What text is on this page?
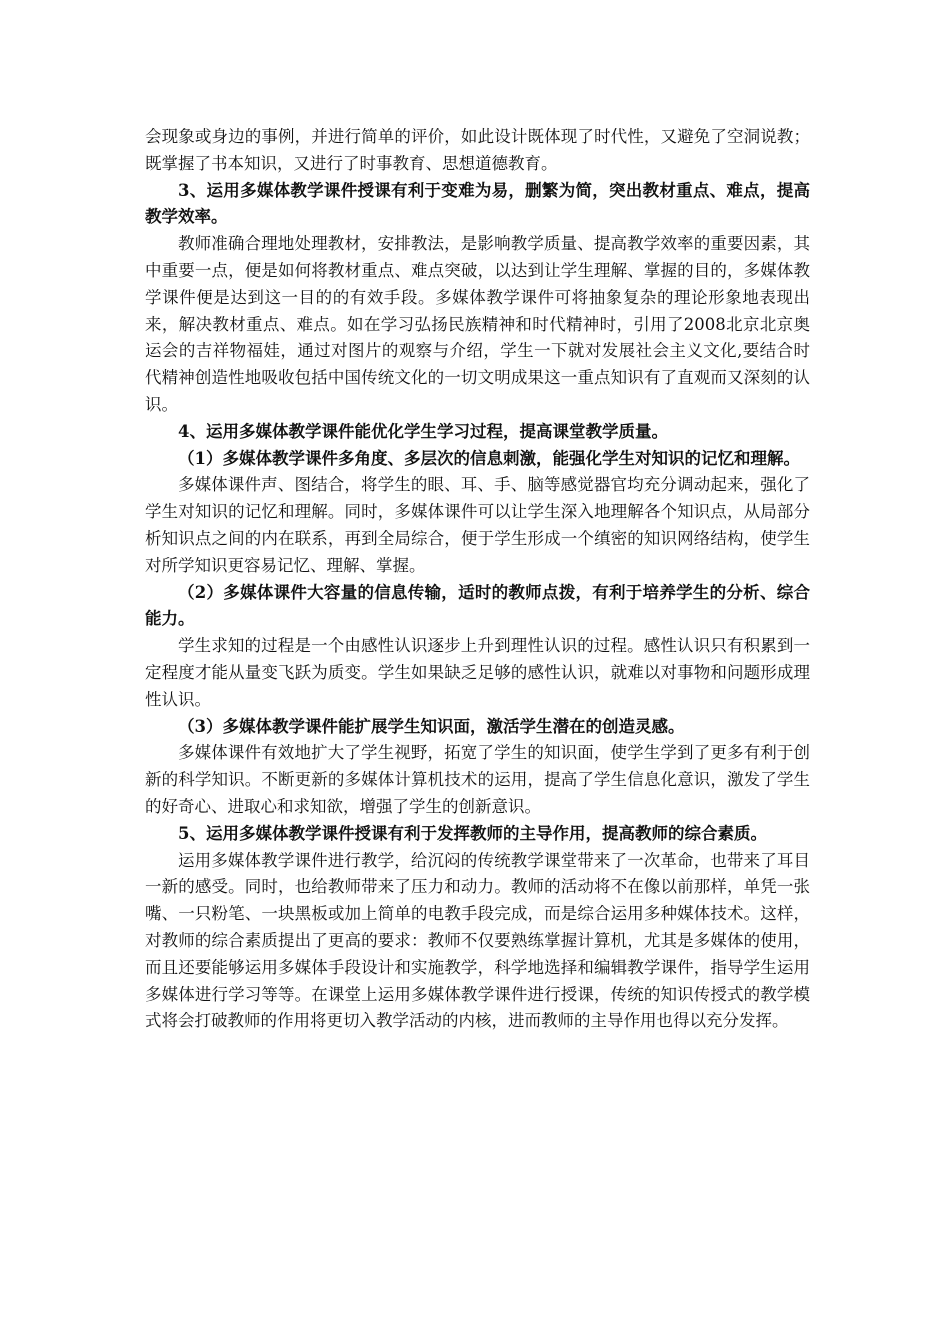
会现象或身边的事例，并进行简单的评价，如此设计既体现了时代性，又避免了空洞说教；既掌握了书本知识，又进行了时事教育、思想道德教育。

3、运用多媒体教学课件授课有利于变难为易，删繁为简，突出教材重点、难点，提高教学效率。

教师准确合理地处理教材，安排教法，是影响教学质量、提高教学效率的重要因素，其中重要一点，便是如何将教材重点、难点突破，以达到让学生理解、掌握的目的，多媒体教学课件便是达到这一目的的有效手段。多媒体教学课件可将抽象复杂的理论形象地表现出来，解决教材重点、难点。如在学习弘扬民族精神和时代精神时，引用了2008北京北京奥运会的吉祥物福娃，通过对图片的观察与介绍，学生一下就对发展社会主义文化,要结合时代精神创造性地吸收包括中国传统文化的一切文明成果这一重点知识有了直观而又深刻的认识。

4、运用多媒体教学课件能优化学生学习过程，提高课堂教学质量。

（1）多媒体教学课件多角度、多层次的信息刺激，能强化学生对知识的记忆和理解。

多媒体课件声、图结合，将学生的眼、耳、手、脑等感觉器官均充分调动起来，强化了学生对知识的记忆和理解。同时，多媒体课件可以让学生深入地理解各个知识点，从局部分析知识点之间的内在联系，再到全局综合，便于学生形成一个缜密的知识网络结构，使学生对所学知识更容易记忆、理解、掌握。

（2）多媒体课件大容量的信息传输，适时的教师点拨，有利于培养学生的分析、综合能力。

学生求知的过程是一个由感性认识逐步上升到理性认识的过程。感性认识只有积累到一定程度才能从量变飞跃为质变。学生如果缺乏足够的感性认识，就难以对事物和问题形成理性认识。

（3）多媒体教学课件能扩展学生知识面，激活学生潜在的创造灵感。

多媒体课件有效地扩大了学生视野，拓宽了学生的知识面，使学生学到了更多有利于创新的科学知识。不断更新的多媒体计算机技术的运用，提高了学生信息化意识，激发了学生的好奇心、进取心和求知欲，增强了学生的创新意识。

5、运用多媒体教学课件授课有利于发挥教师的主导作用，提高教师的综合素质。

运用多媒体教学课件进行教学，给沉闷的传统教学课堂带来了一次革命，也带来了耳目一新的感受。同时，也给教师带来了压力和动力。教师的活动将不在像以前那样，单凭一张嘴、一只粉笔、一块黑板或加上简单的电教手段完成，而是综合运用多种媒体技术。这样，对教师的综合素质提出了更高的要求：教师不仅要熟练掌握计算机，尤其是多媒体的使用，而且还要能够运用多媒体手段设计和实施教学，科学地选择和编辑教学课件，指导学生运用多媒体进行学习等等。在课堂上运用多媒体教学课件进行授课，传统的知识传授式的教学模式将会打破教师的作用将更切入教学活动的内核，进而教师的主导作用也得以充分发挥。
